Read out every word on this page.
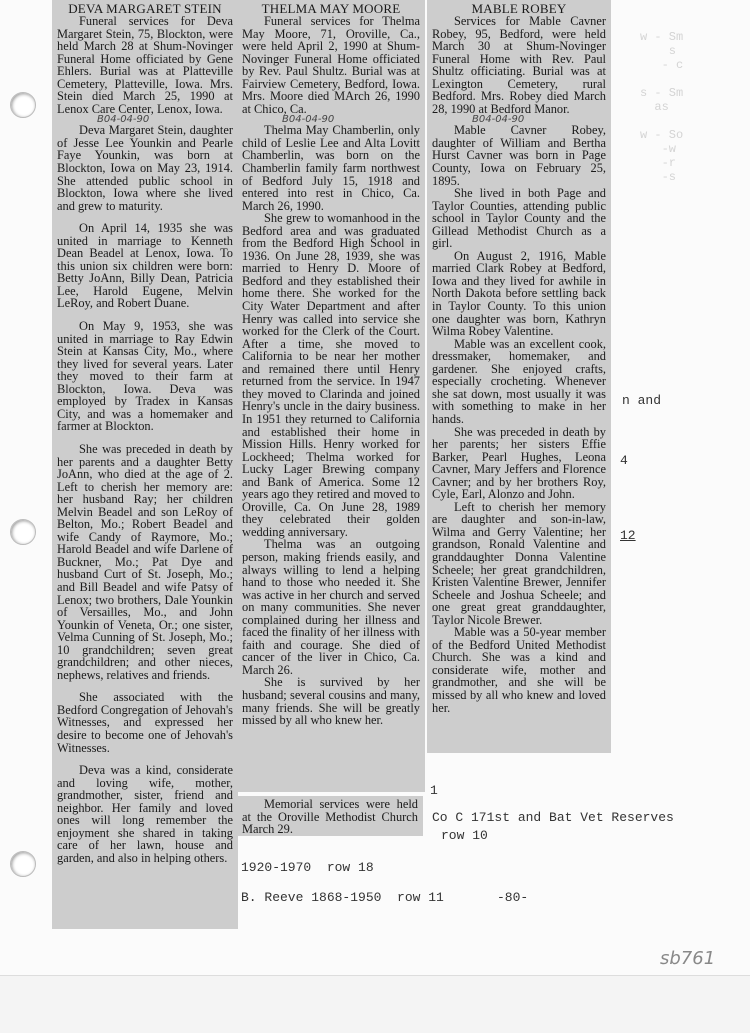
w - Sm
s
- c

s - Sm
as

w - So
-w
-r
-s
n and
4
12
1
Co C 171st and Bat Vet Reserves
row 10
1920-1970  row 18
B. Reeve 1868-1950  row 11	-80-
DEVA MARGARET STEIN

Funeral services for Deva Margaret Stein, 75, Blockton, were held March 28 at Shum-Novinger Funeral Home officiated by Gene Ehlers. Burial was at Platteville Cemetery, Platteville, Iowa. Mrs. Stein died March 25, 1990 at Lenox Care Center, Lenox, Iowa.

B04-04-90

Deva Margaret Stein, daughter of Jesse Lee Younkin and Pearle Faye Younkin, was born at Blockton, Iowa on May 23, 1914. She attended public school in Blockton, Iowa where she lived and grew to maturity.

On April 14, 1935 she was united in marriage to Kenneth Dean Beadel at Lenox, Iowa. To this union six children were born: Betty JoAnn, Billy Dean, Patricia Lee, Harold Eugene, Melvin LeRoy, and Robert Duane.

On May 9, 1953, she was united in marriage to Ray Edwin Stein at Kansas City, Mo., where they lived for several years. Later they moved to their farm at Blockton, Iowa. Deva was employed by Tradex in Kansas City, and was a homemaker and farmer at Blockton.

She was preceded in death by her parents and a daughter Betty JoAnn, who died at the age of 2. Left to cherish her memory are: her husband Ray; her children Melvin Beadel and son LeRoy of Belton, Mo.; Robert Beadel and wife Candy of Raymore, Mo.; Harold Beadel and wife Darlene of Buckner, Mo.; Pat Dye and husband Curt of St. Joseph, Mo.; and Bill Beadel and wife Patsy of Lenox; two brothers, Dale Younkin of Versailles, Mo., and John Younkin of Veneta, Or.; one sister, Velma Cunning of St. Joseph, Mo.; 10 grandchildren; seven great grandchildren; and other nieces, nephews, relatives and friends.

She associated with the Bedford Congregation of Jehovah's Witnesses, and expressed her desire to become one of Jehovah's Witnesses.

Deva was a kind, considerate and loving wife, mother, grandmother, sister, friend and neighbor. Her family and loved ones will long remember the enjoyment she shared in taking care of her lawn, house and garden, and also in helping others.

THELMA MAY MOORE

Funeral services for Thelma May Moore, 71, Oroville, Ca., were held April 2, 1990 at Shum-Novinger Funeral Home officiated by Rev. Paul Shultz. Burial was at Fairview Cemetery, Bedford, Iowa. Mrs. Moore died MArch 26, 1990 at Chico, Ca.

B04-04-90

Thelma May Chamberlin, only child of Leslie Lee and Alta Lovitt Chamberlin, was born on the Chamberlin family farm northwest of Bedford July 15, 1918 and entered into rest in Chico, Ca. March 26, 1990.

She grew to womanhood in the Bedford area and was graduated from the Bedford High School in 1936. On June 28, 1939, she was married to Henry D. Moore of Bedford and they established their home there. She worked for the City Water Department and after Henry was called into service she worked for the Clerk of the Court. After a time, she moved to California to be near her mother and remained there until Henry returned from the service. In 1947 they moved to Clarinda and joined Henry's uncle in the dairy business. In 1951 they returned to California and established their home in Mission Hills. Henry worked for Lockheed; Thelma worked for Lucky Lager Brewing company and Bank of America. Some 12 years ago they retired and moved to Oroville, Ca. On June 28, 1989 they celebrated their golden wedding anniversary.

Thelma was an outgoing person, making friends easily, and always willing to lend a helping hand to those who needed it. She was active in her church and served on many communities. She never complained during her illness and faced the finality of her illness with faith and courage. She died of cancer of the liver in Chico, Ca. March 26.

She is survived by her husband; several cousins and many, many friends. She will be greatly missed by all who knew her.

Memorial services were held at the Oroville Methodist Church March 29.

MABLE ROBEY

Services for Mable Cavner Robey, 95, Bedford, were held March 30 at Shum-Novinger Funeral Home with Rev. Paul Shultz officiating. Burial was at Lexington Cemetery, rural Bedford. Mrs. Robey died March 28, 1990 at Bedford Manor.

B04-04-90

Mable Cavner Robey, daughter of William and Bertha Hurst Cavner was born in Page County, Iowa on February 25, 1895.

She lived in both Page and Taylor Counties, attending public school in Taylor County and the Gillead Methodist Church as a girl.

On August 2, 1916, Mable married Clark Robey at Bedford, Iowa and they lived for awhile in North Dakota before settling back in Taylor County. To this union one daughter was born, Kathryn Wilma Robey Valentine.

Mable was an excellent cook, dressmaker, homemaker, and gardener. She enjoyed crafts, especially crocheting. Whenever she sat down, most usually it was with something to make in her hands.

She was preceded in death by her parents; her sisters Effie Barker, Pearl Hughes, Leona Cavner, Mary Jeffers and Florence Cavner; and by her brothers Roy, Cyle, Earl, Alonzo and John.

Left to cherish her memory are daughter and son-in-law, Wilma and Gerry Valentine; her grandson, Ronald Valentine and granddaughter Donna Valentine Scheele; her great grandchildren, Kristen Valentine Brewer, Jennifer Scheele and Joshua Scheele; and one great great granddaughter, Taylor Nicole Brewer.

Mable was a 50-year member of the Bedford United Methodist Church. She was a kind and considerate wife, mother and grandmother, and she will be missed by all who knew and loved her.

sb761
